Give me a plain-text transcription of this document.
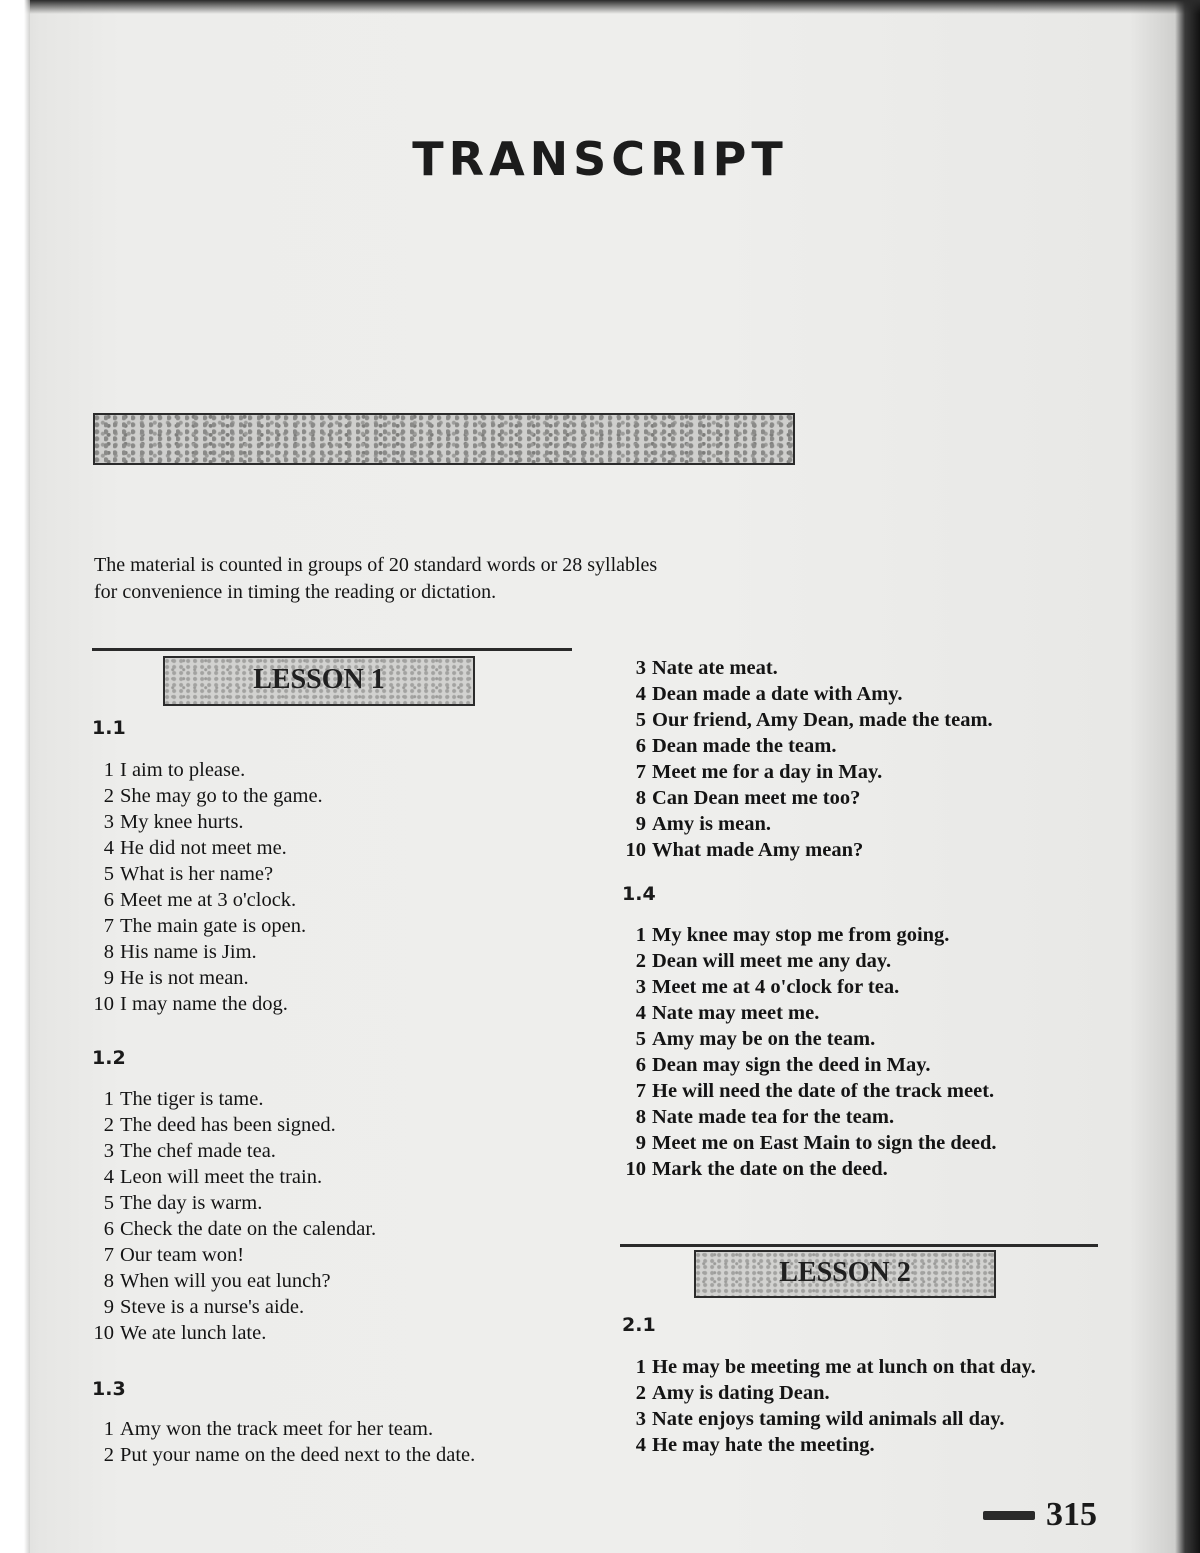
TRANSCRIPT
The material is counted in groups of 20 standard words or 28 syllables
for convenience in timing the reading or dictation.
LESSON 1
1.1
1 I aim to please.
2 She may go to the game.
3 My knee hurts.
4 He did not meet me.
5 What is her name?
6 Meet me at 3 o'clock.
7 The main gate is open.
8 His name is Jim.
9 He is not mean.
10 I may name the dog.
1.2
1 The tiger is tame.
2 The deed has been signed.
3 The chef made tea.
4 Leon will meet the train.
5 The day is warm.
6 Check the date on the calendar.
7 Our team won!
8 When will you eat lunch?
9 Steve is a nurse's aide.
10 We ate lunch late.
1.3
1 Amy won the track meet for her team.
2 Put your name on the deed next to the date.
3 Nate ate meat.
4 Dean made a date with Amy.
5 Our friend, Amy Dean, made the team.
6 Dean made the team.
7 Meet me for a day in May.
8 Can Dean meet me too?
9 Amy is mean.
10 What made Amy mean?
1.4
1 My knee may stop me from going.
2 Dean will meet me any day.
3 Meet me at 4 o'clock for tea.
4 Nate may meet me.
5 Amy may be on the team.
6 Dean may sign the deed in May.
7 He will need the date of the track meet.
8 Nate made tea for the team.
9 Meet me on East Main to sign the deed.
10 Mark the date on the deed.
LESSON 2
2.1
1 He may be meeting me at lunch on that day.
2 Amy is dating Dean.
3 Nate enjoys taming wild animals all day.
4 He may hate the meeting.
315
